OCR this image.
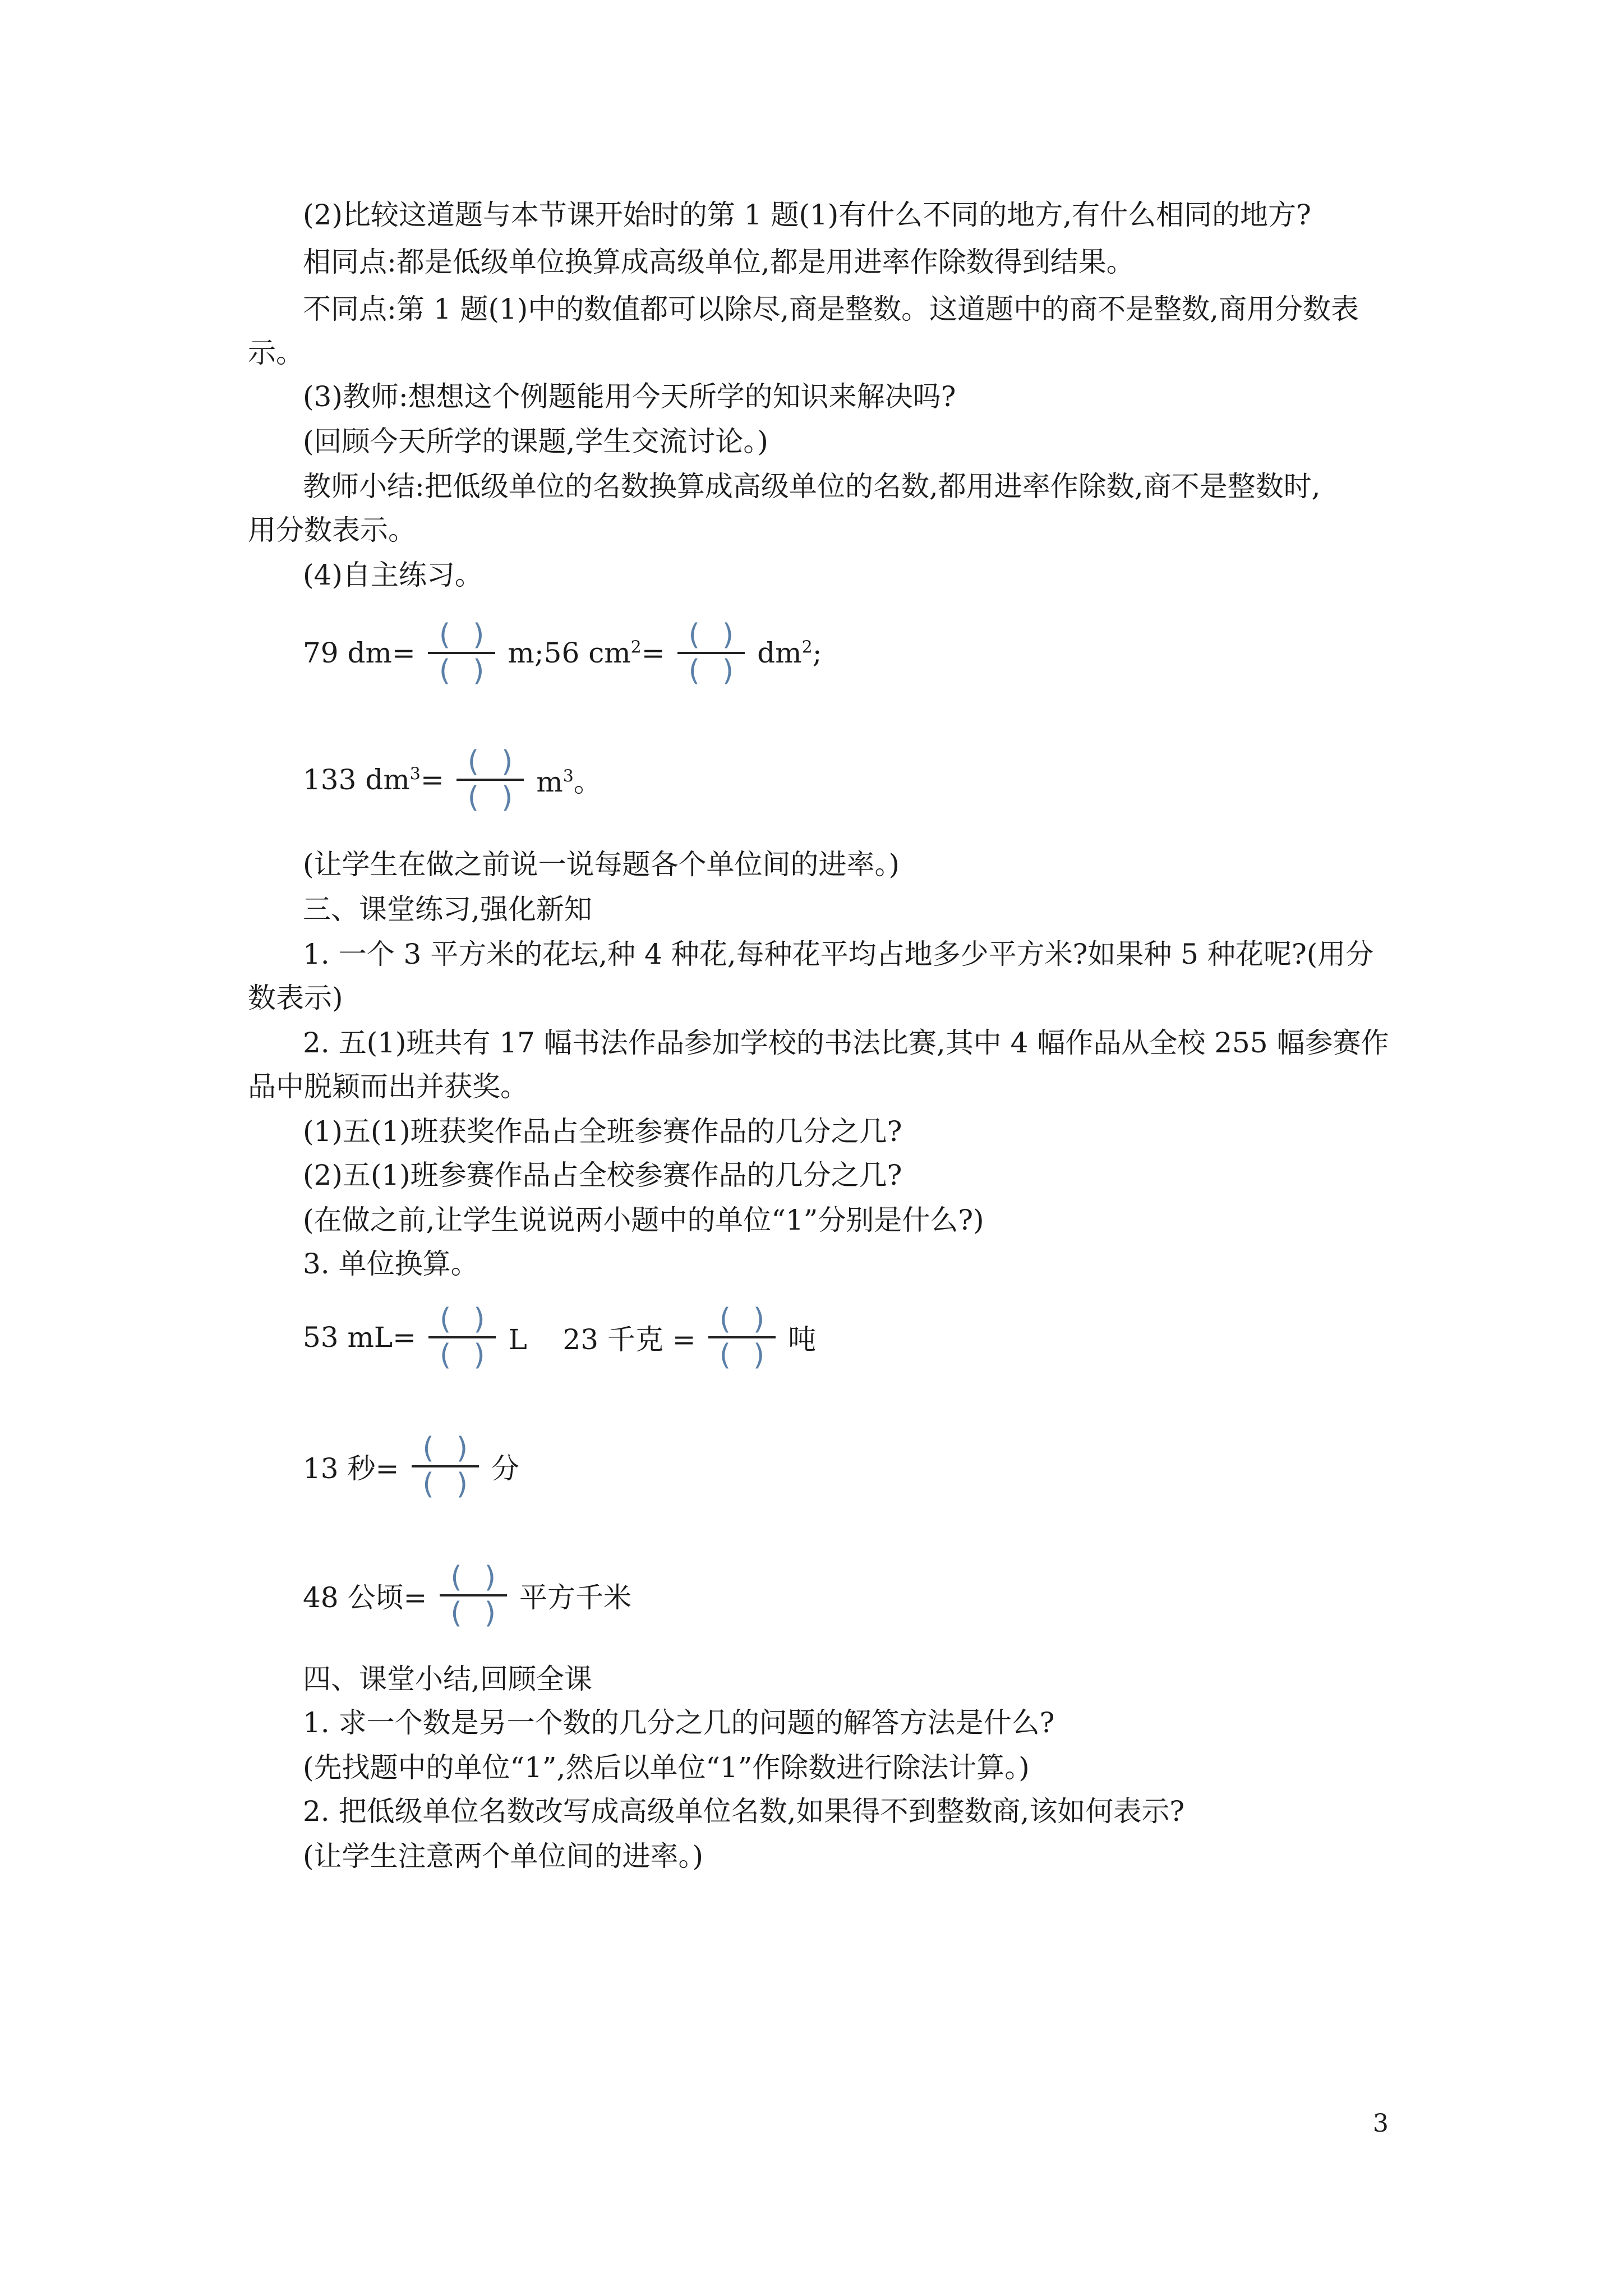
(2)比较这道题与本节课开始时的第 1 题(1)有什么不同的地方,有什么相同的地方?
相同点:都是低级单位换算成高级单位,都是用进率作除数得到结果。
不同点:第 1 题(1)中的数值都可以除尽,商是整数。这道题中的商不是整数,商用分数表
示。
(3)教师:想想这个例题能用今天所学的知识来解决吗?
(回顾今天所学的课题,学生交流讨论。)
教师小结:把低级单位的名数换算成高级单位的名数,都用进率作除数,商不是整数时,
用分数表示。
(4)自主练习。
79 $dm= \frac{()}{()}$ m;56 $cm^2= \frac{()}{()} dm^2$;
133 $dm^3= \frac{()}{()} m^3$。
(让学生在做之前说一说每题各个单位间的进率。)
三、课堂练习,强化新知
1. 一个 3 平方米的花坛,种 4 种花,每种花平均占地多少平方米?如果种 5 种花呢?(用分
数表示)
2. 五(1)班共有 17 幅书法作品参加学校的书法比赛,其中 4 幅作品从全校 255 幅参赛作
品中脱颖而出并获奖。
(1)五(1)班获奖作品占全班参赛作品的几分之几?
(2)五(1)班参赛作品占全校参赛作品的几分之几?
(在做之前,让学生说说两小题中的单位“1”分别是什么?)
3. 单位换算。
53 $mL= \frac{()}{()}$ L    23 千克 = $\frac{()}{()}$ 吨
13 秒= $\frac{()}{()}$ 分
48 公顷= $\frac{()}{()}$ 平方千米
四、课堂小结,回顾全课
1. 求一个数是另一个数的几分之几的问题的解答方法是什么?
(先找题中的单位“1”,然后以单位“1”作除数进行除法计算。)
2. 把低级单位名数改写成高级单位名数,如果得不到整数商,该如何表示?
(让学生注意两个单位间的进率。)
3
